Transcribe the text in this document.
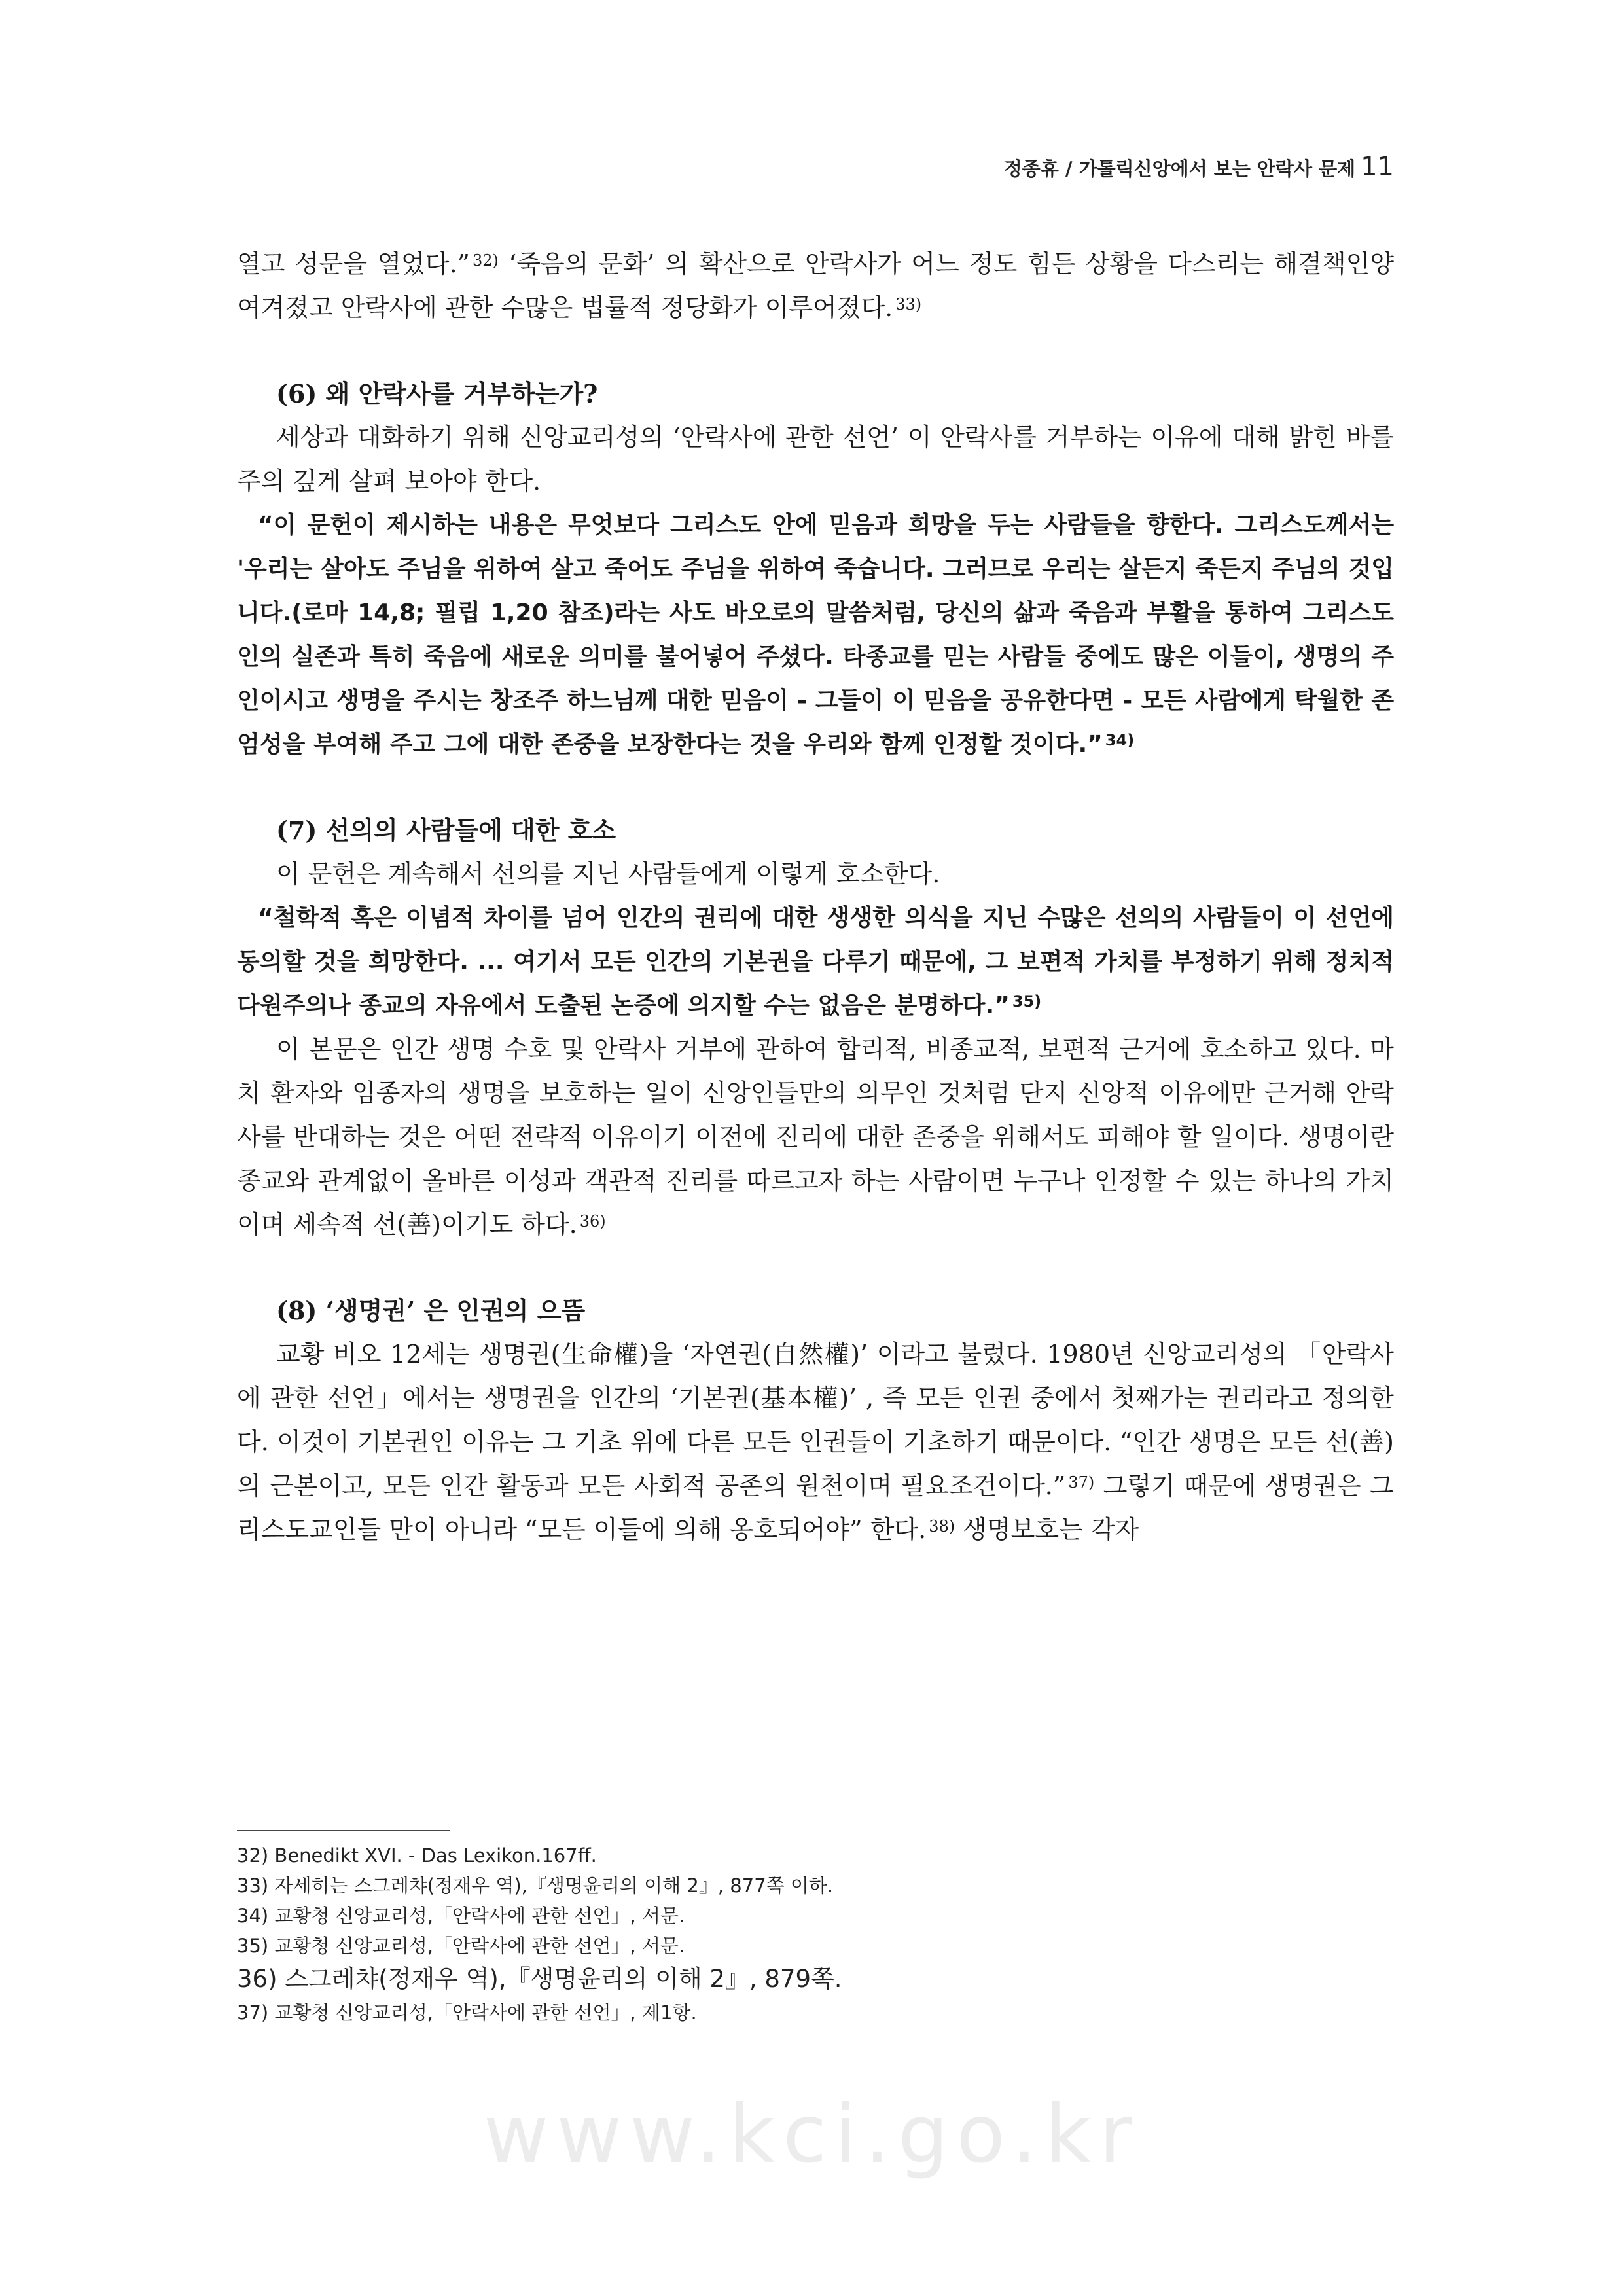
정종휴 / 가톨릭신앙에서 보는 안락사 문제 11

열고 성문을 열었다.” $^{32)}$ ‘죽음의 문화’ 의 확산으로 안락사가 어느 정도 힘든 상황을 다스리는 해결책인양 여겨졌고 안락사에 관한 수많은 법률적 정당화가 이루어졌다. $^{33)}$

(6) 왜 안락사를 거부하는가?

세상과 대화하기 위해 신앙교리성의 ‘안락사에 관한 선언’ 이 안락사를 거부하는 이유에 대해 밝힌 바를 주의 깊게 살펴 보아야 한다.

“이 문헌이 제시하는 내용은 무엇보다 그리스도 안에 믿음과 희망을 두는 사람들을 향한다. 그리스도께서는 '우리는 살아도 주님을 위하여 살고 죽어도 주님을 위하여 죽습니다. 그러므로 우리는 살든지 죽든지 주님의 것입니다.(로마 14,8; 필립 1,20 참조)라는 사도 바오로의 말씀처럼, 당신의 삶과 죽음과 부활을 통하여 그리스도인의 실존과 특히 죽음에 새로운 의미를 불어넣어 주셨다. 타종교를 믿는 사람들 중에도 많은 이들이, 생명의 주인이시고 생명을 주시는 창조주 하느님께 대한 믿음이 - 그들이 이 믿음을 공유한다면 - 모든 사람에게 탁월한 존엄성을 부여해 주고 그에 대한 존중을 보장한다는 것을 우리와 함께 인정할 것이다.” $^{34)}$

(7) 선의의 사람들에 대한 호소

이 문헌은 계속해서 선의를 지닌 사람들에게 이렇게 호소한다.

“철학적 혹은 이념적 차이를 넘어 인간의 권리에 대한 생생한 의식을 지닌 수많은 선의의 사람들이 이 선언에 동의할 것을 희망한다. ... 여기서 모든 인간의 기본권을 다루기 때문에, 그 보편적 가치를 부정하기 위해 정치적 다원주의나 종교의 자유에서 도출된 논증에 의지할 수는 없음은 분명하다.” $^{35)}$

이 본문은 인간 생명 수호 및 안락사 거부에 관하여 합리적, 비종교적, 보편적 근거에 호소하고 있다. 마치 환자와 임종자의 생명을 보호하는 일이 신앙인들만의 의무인 것처럼 단지 신앙적 이유에만 근거해 안락사를 반대하는 것은 어떤 전략적 이유이기 이전에 진리에 대한 존중을 위해서도 피해야 할 일이다. 생명이란 종교와 관계없이 올바른 이성과 객관적 진리를 따르고자 하는 사람이면 누구나 인정할 수 있는 하나의 가치이며 세속적 선(善)이기도 하다. $^{36)}$

(8) ‘생명권’ 은 인권의 으뜸

교황 비오 12세는 생명권(生命權)을 ‘자연권(自然權)’ 이라고 불렀다. 1980년 신앙교리성의 「안락사에 관한 선언」에서는 생명권을 인간의 ‘기본권(基本權)’ , 즉 모든 인권 중에서 첫째가는 권리라고 정의한다. 이것이 기본권인 이유는 그 기초 위에 다른 모든 인권들이 기초하기 때문이다. “인간 생명은 모든 선(善)의 근본이고, 모든 인간 활동과 모든 사회적 공존의 원천이며 필요조건이다.” $^{37)}$ 그렇기 때문에 생명권은 그리스도교인들 만이 아니라 “모든 이들에 의해 옹호되어야” 한다. $^{38)}$ 생명보호는 각자

32) Benedikt XVI. - Das Lexikon.167ff.

33) 자세히는 스그레챠(정재우 역),『생명윤리의 이해 2』, 877쪽 이하.

34) 교황청 신앙교리성,「안락사에 관한 선언」, 서문.

35) 교황청 신앙교리성,「안락사에 관한 선언」, 서문.

36) 스그레챠(정재우 역),『생명윤리의 이해 2』, 879쪽.

37) 교황청 신앙교리성,「안락사에 관한 선언」, 제1항.

www.kci.go.kr
